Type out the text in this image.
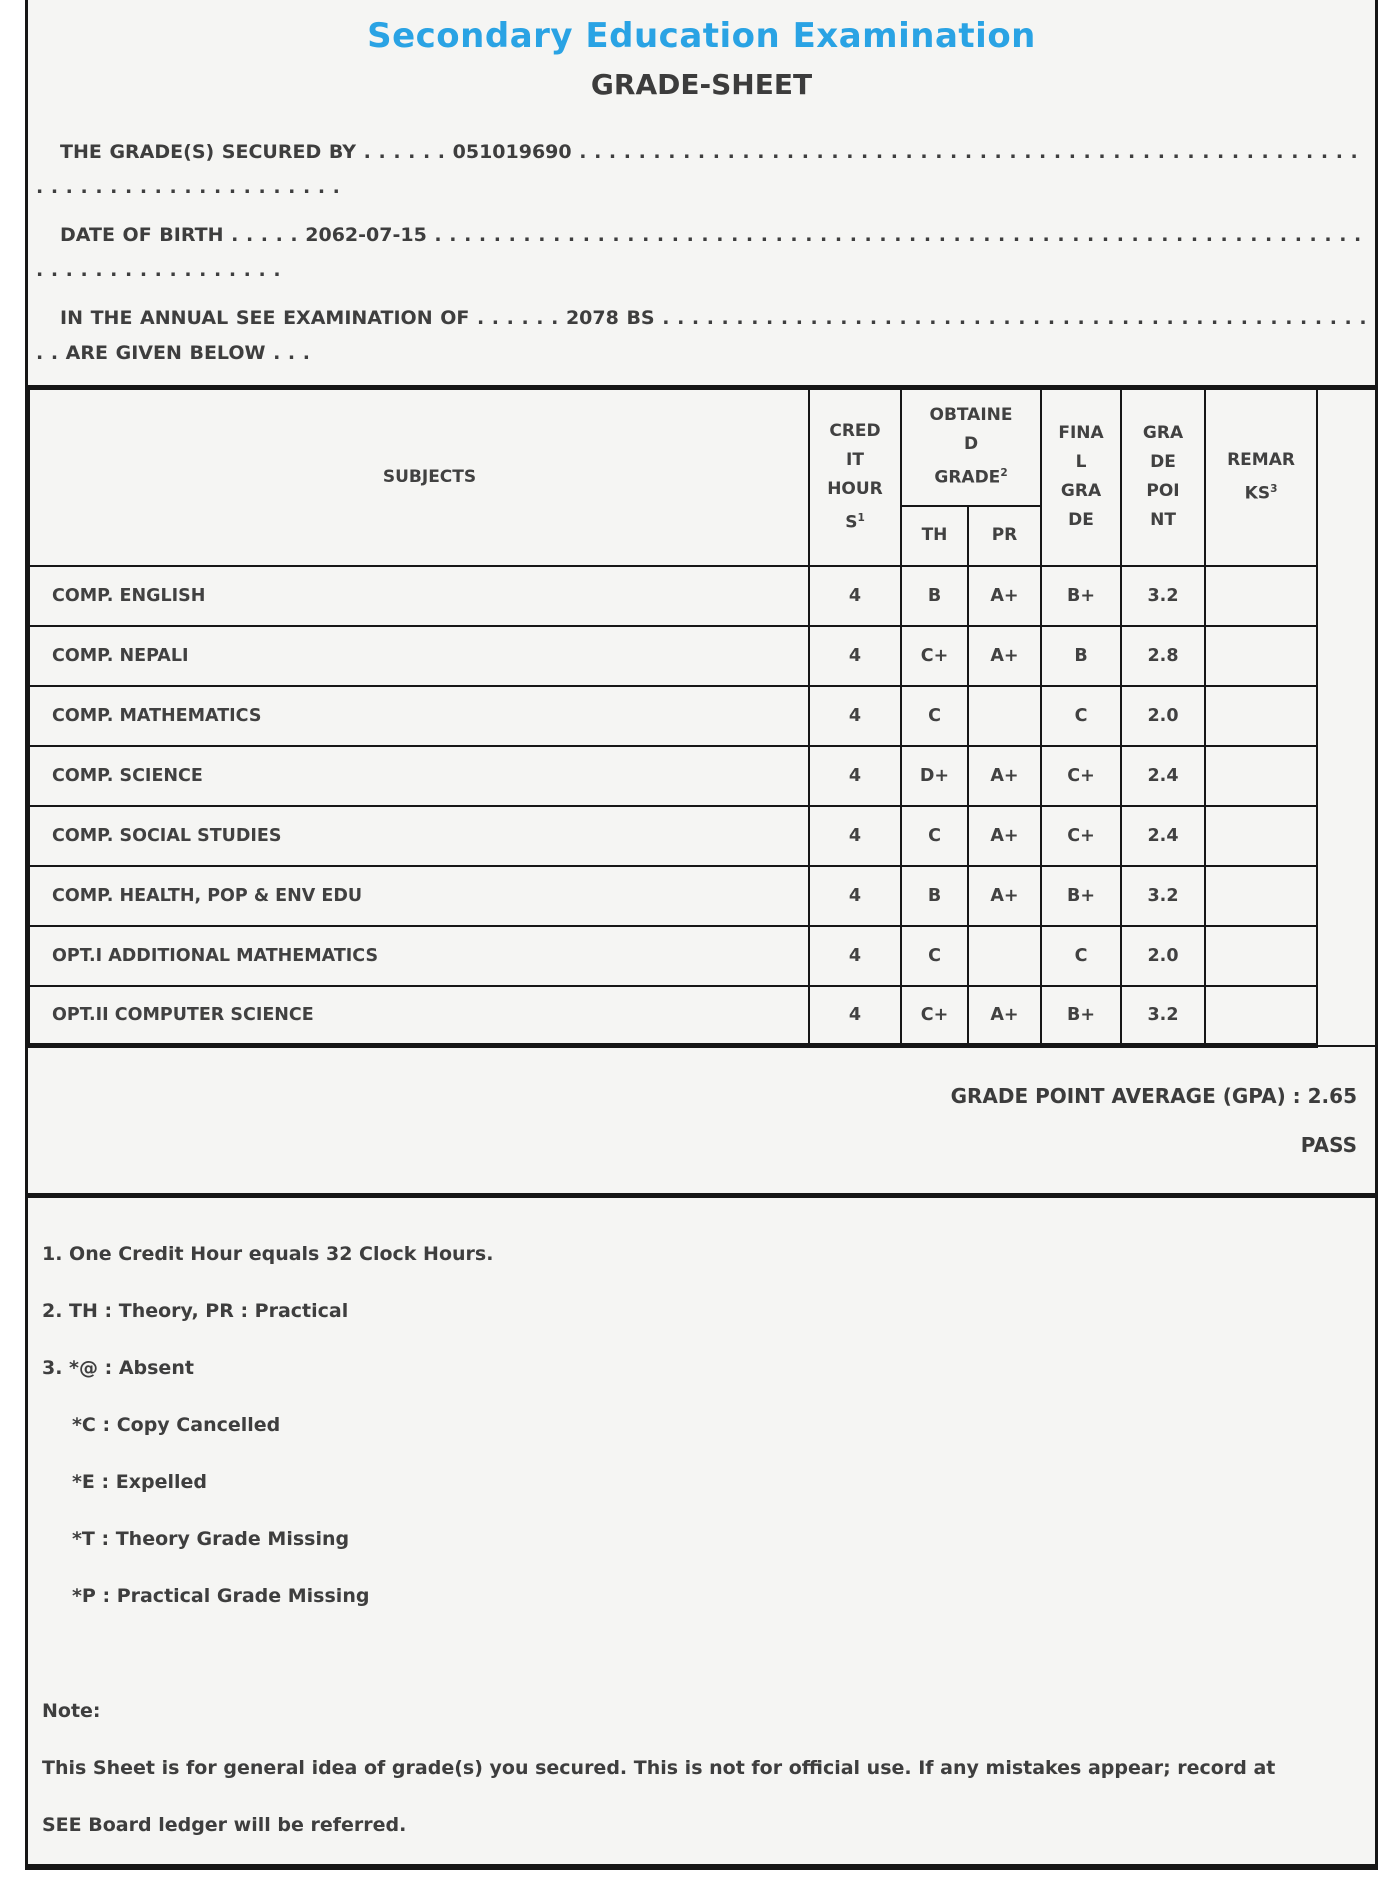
Secondary Education Examination
GRADE-SHEET

THE GRADE(S) SECURED BY . . . . . . 051019690 . . . . . . . . . . . . . . . . . . . . . . . . . . . . . . . . . . . . . . . . . . . . . . . . . . . . . . . . . . . . . . . . . . . . . . . . . .

DATE OF BIRTH . . . . . 2062-07-15 . . . . . . . . . . . . . . . . . . . . . . . . . . . . . . . . . . . . . . . . . . . . . . . . . . . . . . . . . . . . . . . . . . . . . . . . . . . . . . . .

IN THE ANNUAL SEE EXAMINATION OF . . . . . . 2078 BS . . . . . . . . . . . . . . . . . . . . . . . . . . . . . . . . . . . . . . . . . . . . . . . . . . ARE GIVEN BELOW . . .

SUBJECTS	CREDIT HOURS$^1$	OBTAINED GRADE$^2$		FINAL GRADE	GRADE POINT	REMARKS$^3$	
		TH	PR				
COMP. ENGLISH	4	B	A+	B+	3.2		
COMP. NEPALI	4	C+	A+	B	2.8		
COMP. MATHEMATICS	4	C		C	2.0		
COMP. SCIENCE	4	D+	A+	C+	2.4		
COMP. SOCIAL STUDIES	4	C	A+	C+	2.4		
COMP. HEALTH, POP & ENV EDU	4	B	A+	B+	3.2		
OPT.I ADDITIONAL MATHEMATICS	4	C		C	2.0		
OPT.II COMPUTER SCIENCE	4	C+	A+	B+	3.2		
GRADE POINT AVERAGE (GPA) : 2.65
PASS
1. One Credit Hour equals 32 Clock Hours.
2. TH : Theory, PR : Practical
3. *@ : Absent
*C : Copy Cancelled
*E : Expelled
*T : Theory Grade Missing
*P : Practical Grade Missing
Note:

This Sheet is for general idea of grade(s) you secured. This is not for official use. If any mistakes appear; record at SEE Board ledger will be referred.
